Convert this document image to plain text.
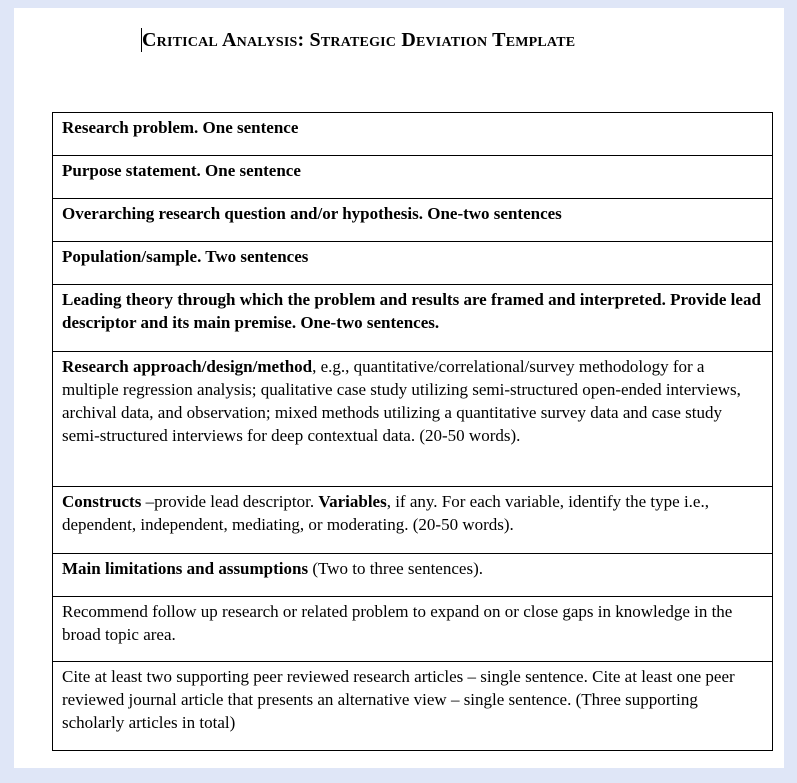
Critical Analysis: Strategic Deviation Template
Research problem. One sentence
Purpose statement. One sentence
Overarching research question and/or hypothesis. One-two sentences
Population/sample. Two sentences
Leading theory through which the problem and results are framed and interpreted. Provide lead descriptor and its main premise. One-two sentences.
Research approach/design/method, e.g., quantitative/correlational/survey methodology for a multiple regression analysis; qualitative case study utilizing semi-structured open-ended interviews, archival data, and observation; mixed methods utilizing a quantitative survey data and case study semi-structured interviews for deep contextual data. (20-50 words).
Constructs –provide lead descriptor. Variables, if any. For each variable, identify the type i.e., dependent, independent, mediating, or moderating. (20-50 words).
Main limitations and assumptions (Two to three sentences).
Recommend follow up research or related problem to expand on or close gaps in knowledge in the broad topic area.
Cite at least two supporting peer reviewed research articles – single sentence. Cite at least one peer reviewed journal article that presents an alternative view – single sentence. (Three supporting scholarly articles in total)
